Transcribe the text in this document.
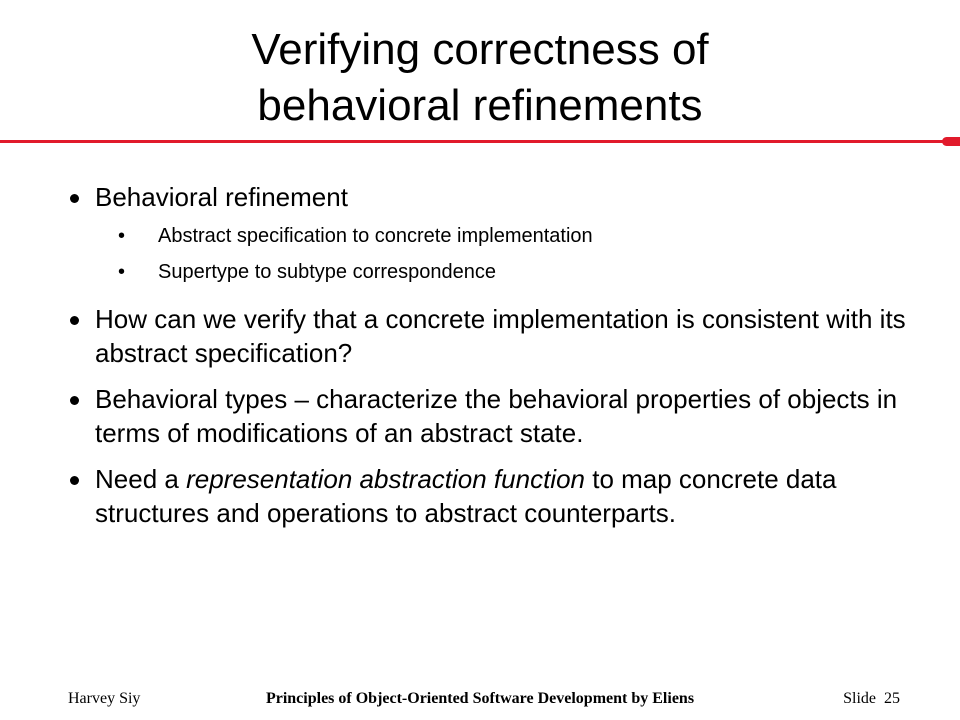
Verifying correctness of
behavioral refinements
Behavioral refinement
• Abstract specification to concrete implementation
• Supertype to subtype correspondence
How can we verify that a concrete implementation is consistent with its abstract specification?
Behavioral types – characterize the behavioral properties of objects in terms of modifications of an abstract state.
Need a representation abstraction function to map concrete data structures and operations to abstract counterparts.
Harvey Siy	Principles of Object-Oriented Software Development by Eliens	Slide 25
